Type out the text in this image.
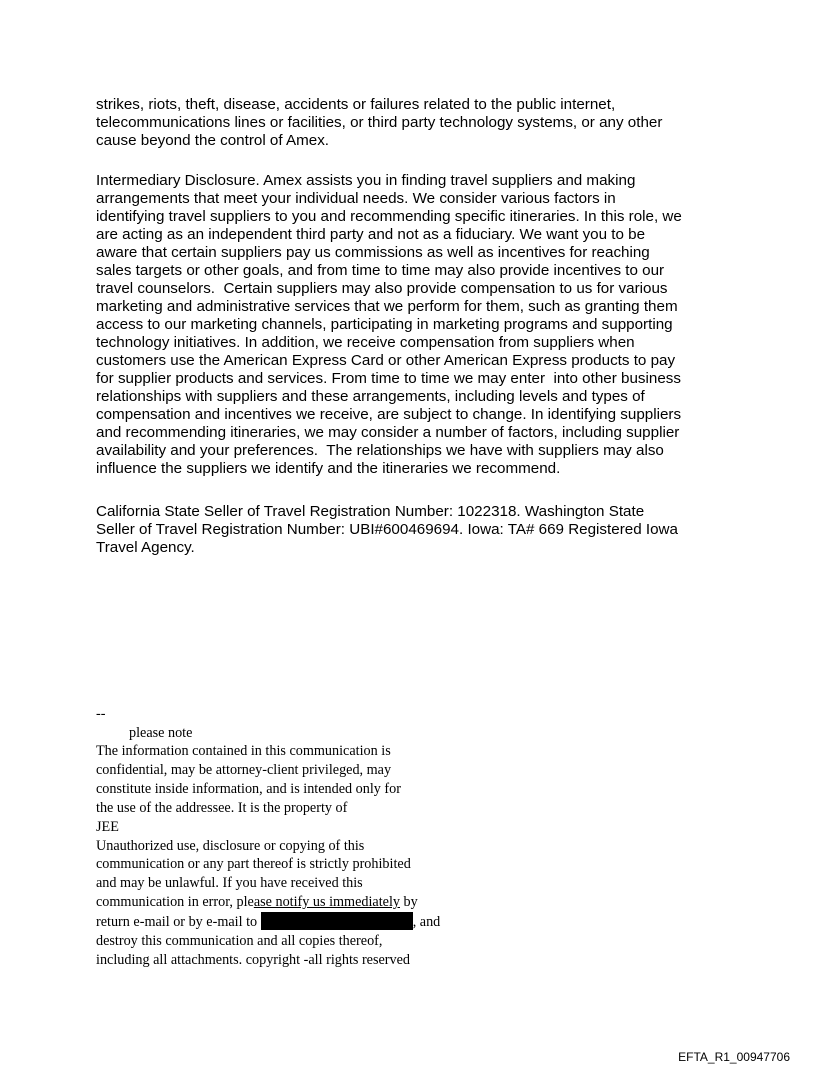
strikes, riots, theft, disease, accidents or failures related to the public internet,
telecommunications lines or facilities, or third party technology systems, or any other
cause beyond the control of Amex.
Intermediary Disclosure. Amex assists you in finding travel suppliers and making
arrangements that meet your individual needs. We consider various factors in
identifying travel suppliers to you and recommending specific itineraries. In this role, we
are acting as an independent third party and not as a fiduciary. We want you to be
aware that certain suppliers pay us commissions as well as incentives for reaching
sales targets or other goals, and from time to time may also provide incentives to our
travel counselors.  Certain suppliers may also provide compensation to us for various
marketing and administrative services that we perform for them, such as granting them
access to our marketing channels, participating in marketing programs and supporting
technology initiatives. In addition, we receive compensation from suppliers when
customers use the American Express Card or other American Express products to pay
for supplier products and services. From time to time we may enter  into other business
relationships with suppliers and these arrangements, including levels and types of
compensation and incentives we receive, are subject to change. In identifying suppliers
and recommending itineraries, we may consider a number of factors, including supplier
availability and your preferences.  The relationships we have with suppliers may also
influence the suppliers we identify and the itineraries we recommend.
California State Seller of Travel Registration Number: 1022318. Washington State
Seller of Travel Registration Number: UBI#600469694. Iowa: TA# 669 Registered Iowa
Travel Agency.
--
please note
The information contained in this communication is
confidential, may be attorney-client privileged, may
constitute inside information, and is intended only for
the use of the addressee. It is the property of
JEE
Unauthorized use, disclosure or copying of this
communication or any part thereof is strictly prohibited
and may be unlawful. If you have received this
communication in error, please notify us immediately by
return e-mail or by e-mail to	, and
destroy this communication and all copies thereof,
including all attachments. copyright -all rights reserved
EFTA_R1_00947706
